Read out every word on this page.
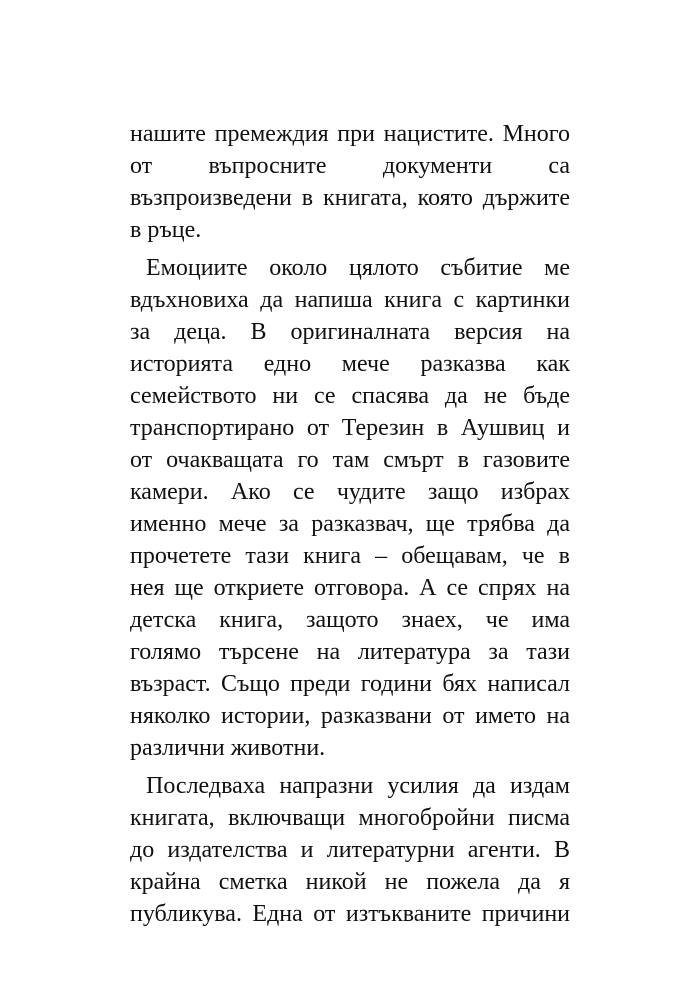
нашите премеждия при нацистите. Много
от въпросните документи са
възпроизведени в книгата, която държите
в ръце.
Емоциите около цялото събитие ме
вдъхновиха да напиша книга с картинки
за деца. В оригиналната версия на
историята едно мече разказва как
семейството ни се спасява да не бъде
транспортирано от Терезин в Аушвиц и
от очакващата го там смърт в газовите
камери. Ако се чудите защо избрах
именно мече за разказвач, ще трябва да
прочетете тази книга – обещавам, че в
нея ще откриете отговора. А се спрях на
детска книга, защото знаех, че има
голямо търсене на литература за тази
възраст. Също преди години бях написал
няколко истории, разказвани от името на
различни животни.
Последваха напразни усилия да издам
книгата, включващи многобройни писма
до издателства и литературни агенти. В
крайна сметка никой не пожела да я
публикува. Една от изтъкваните причини
